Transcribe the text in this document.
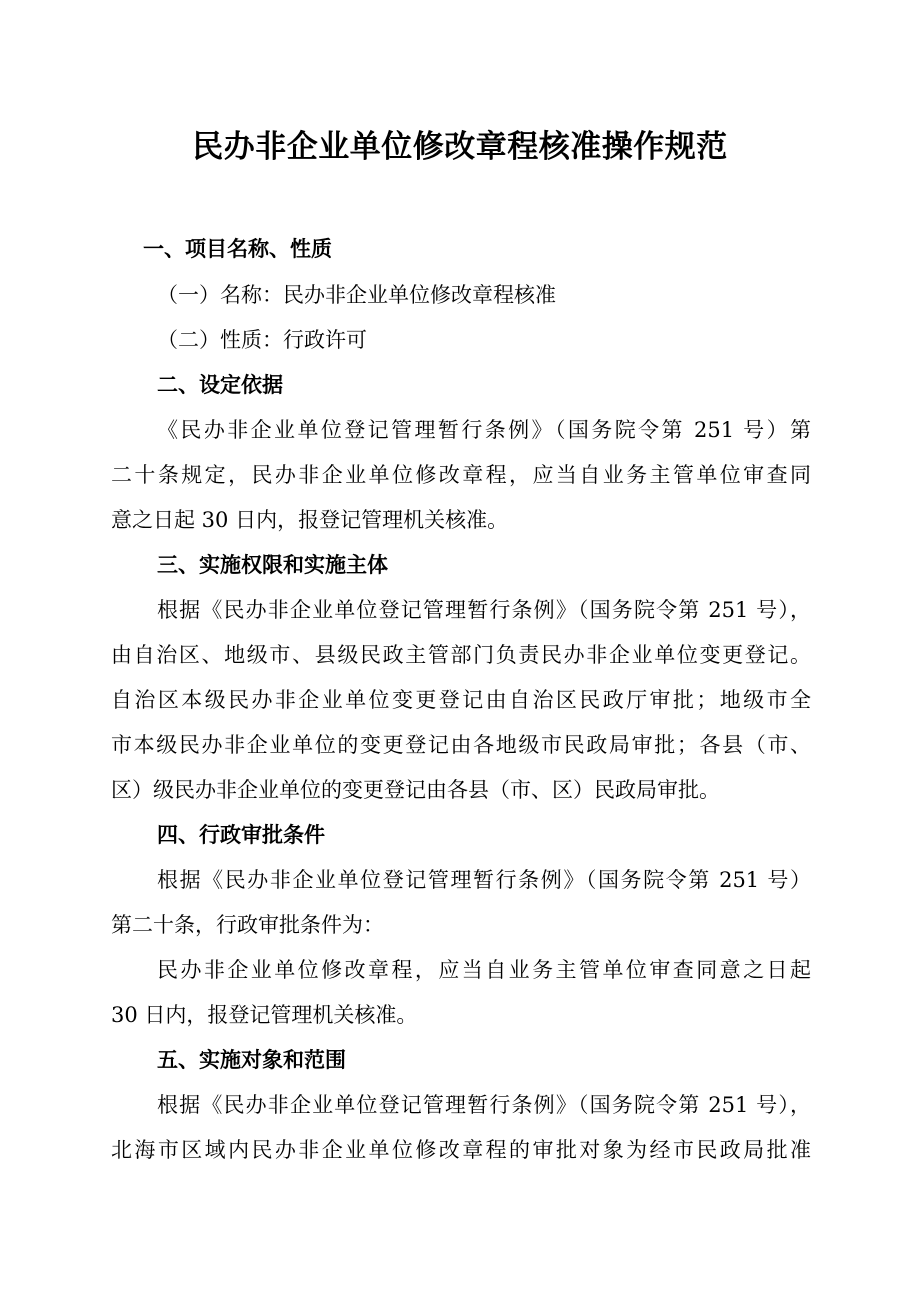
民办非企业单位修改章程核准操作规范
一、项目名称、性质
（一）名称：民办非企业单位修改章程核准
（二）性质：行政许可
二、设定依据
《民办非企业单位登记管理暂行条例》（国务院令第 251 号）第
二十条规定，民办非企业单位修改章程，应当自业务主管单位审查同
意之日起 30 日内，报登记管理机关核准。
三、实施权限和实施主体
根据《民办非企业单位登记管理暂行条例》（国务院令第 251 号），
由自治区、地级市、县级民政主管部门负责民办非企业单位变更登记。
自治区本级民办非企业单位变更登记由自治区民政厅审批；地级市全
市本级民办非企业单位的变更登记由各地级市民政局审批；各县（市、
区）级民办非企业单位的变更登记由各县（市、区）民政局审批。
四、行政审批条件
根据《民办非企业单位登记管理暂行条例》（国务院令第 251 号）
第二十条，行政审批条件为：
民办非企业单位修改章程，应当自业务主管单位审查同意之日起
30 日内，报登记管理机关核准。
五、实施对象和范围
根据《民办非企业单位登记管理暂行条例》（国务院令第 251 号），
北海市区域内民办非企业单位修改章程的审批对象为经市民政局批准
